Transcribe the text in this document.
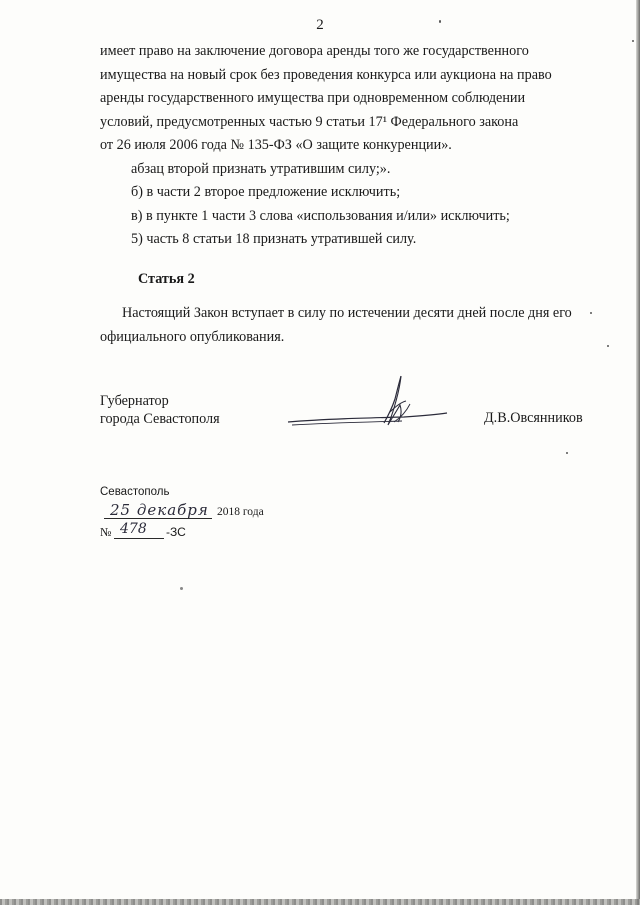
2

имеет право на заключение договора аренды того же государственного

имущества на новый срок без проведения конкурса или аукциона на право

аренды государственного имущества при одновременном соблюдении

условий, предусмотренных частью 9 статьи 17¹ Федерального закона

от 26 июля 2006 года № 135-ФЗ «О защите конкуренции».

абзац второй признать утратившим силу;».

б) в части 2 второе предложение исключить;

в) в пункте 1 части 3 слова «использования и/или» исключить;

5) часть 8 статьи 18 признать утратившей силу.

Статья 2

Настоящий Закон вступает в силу по истечении десяти дней после дня его официального опубликования.

Губернатор
города Севастополя	Д.В.Овсянников
Севастополь
25 декабря 2018 года
№ 478 -ЗС
